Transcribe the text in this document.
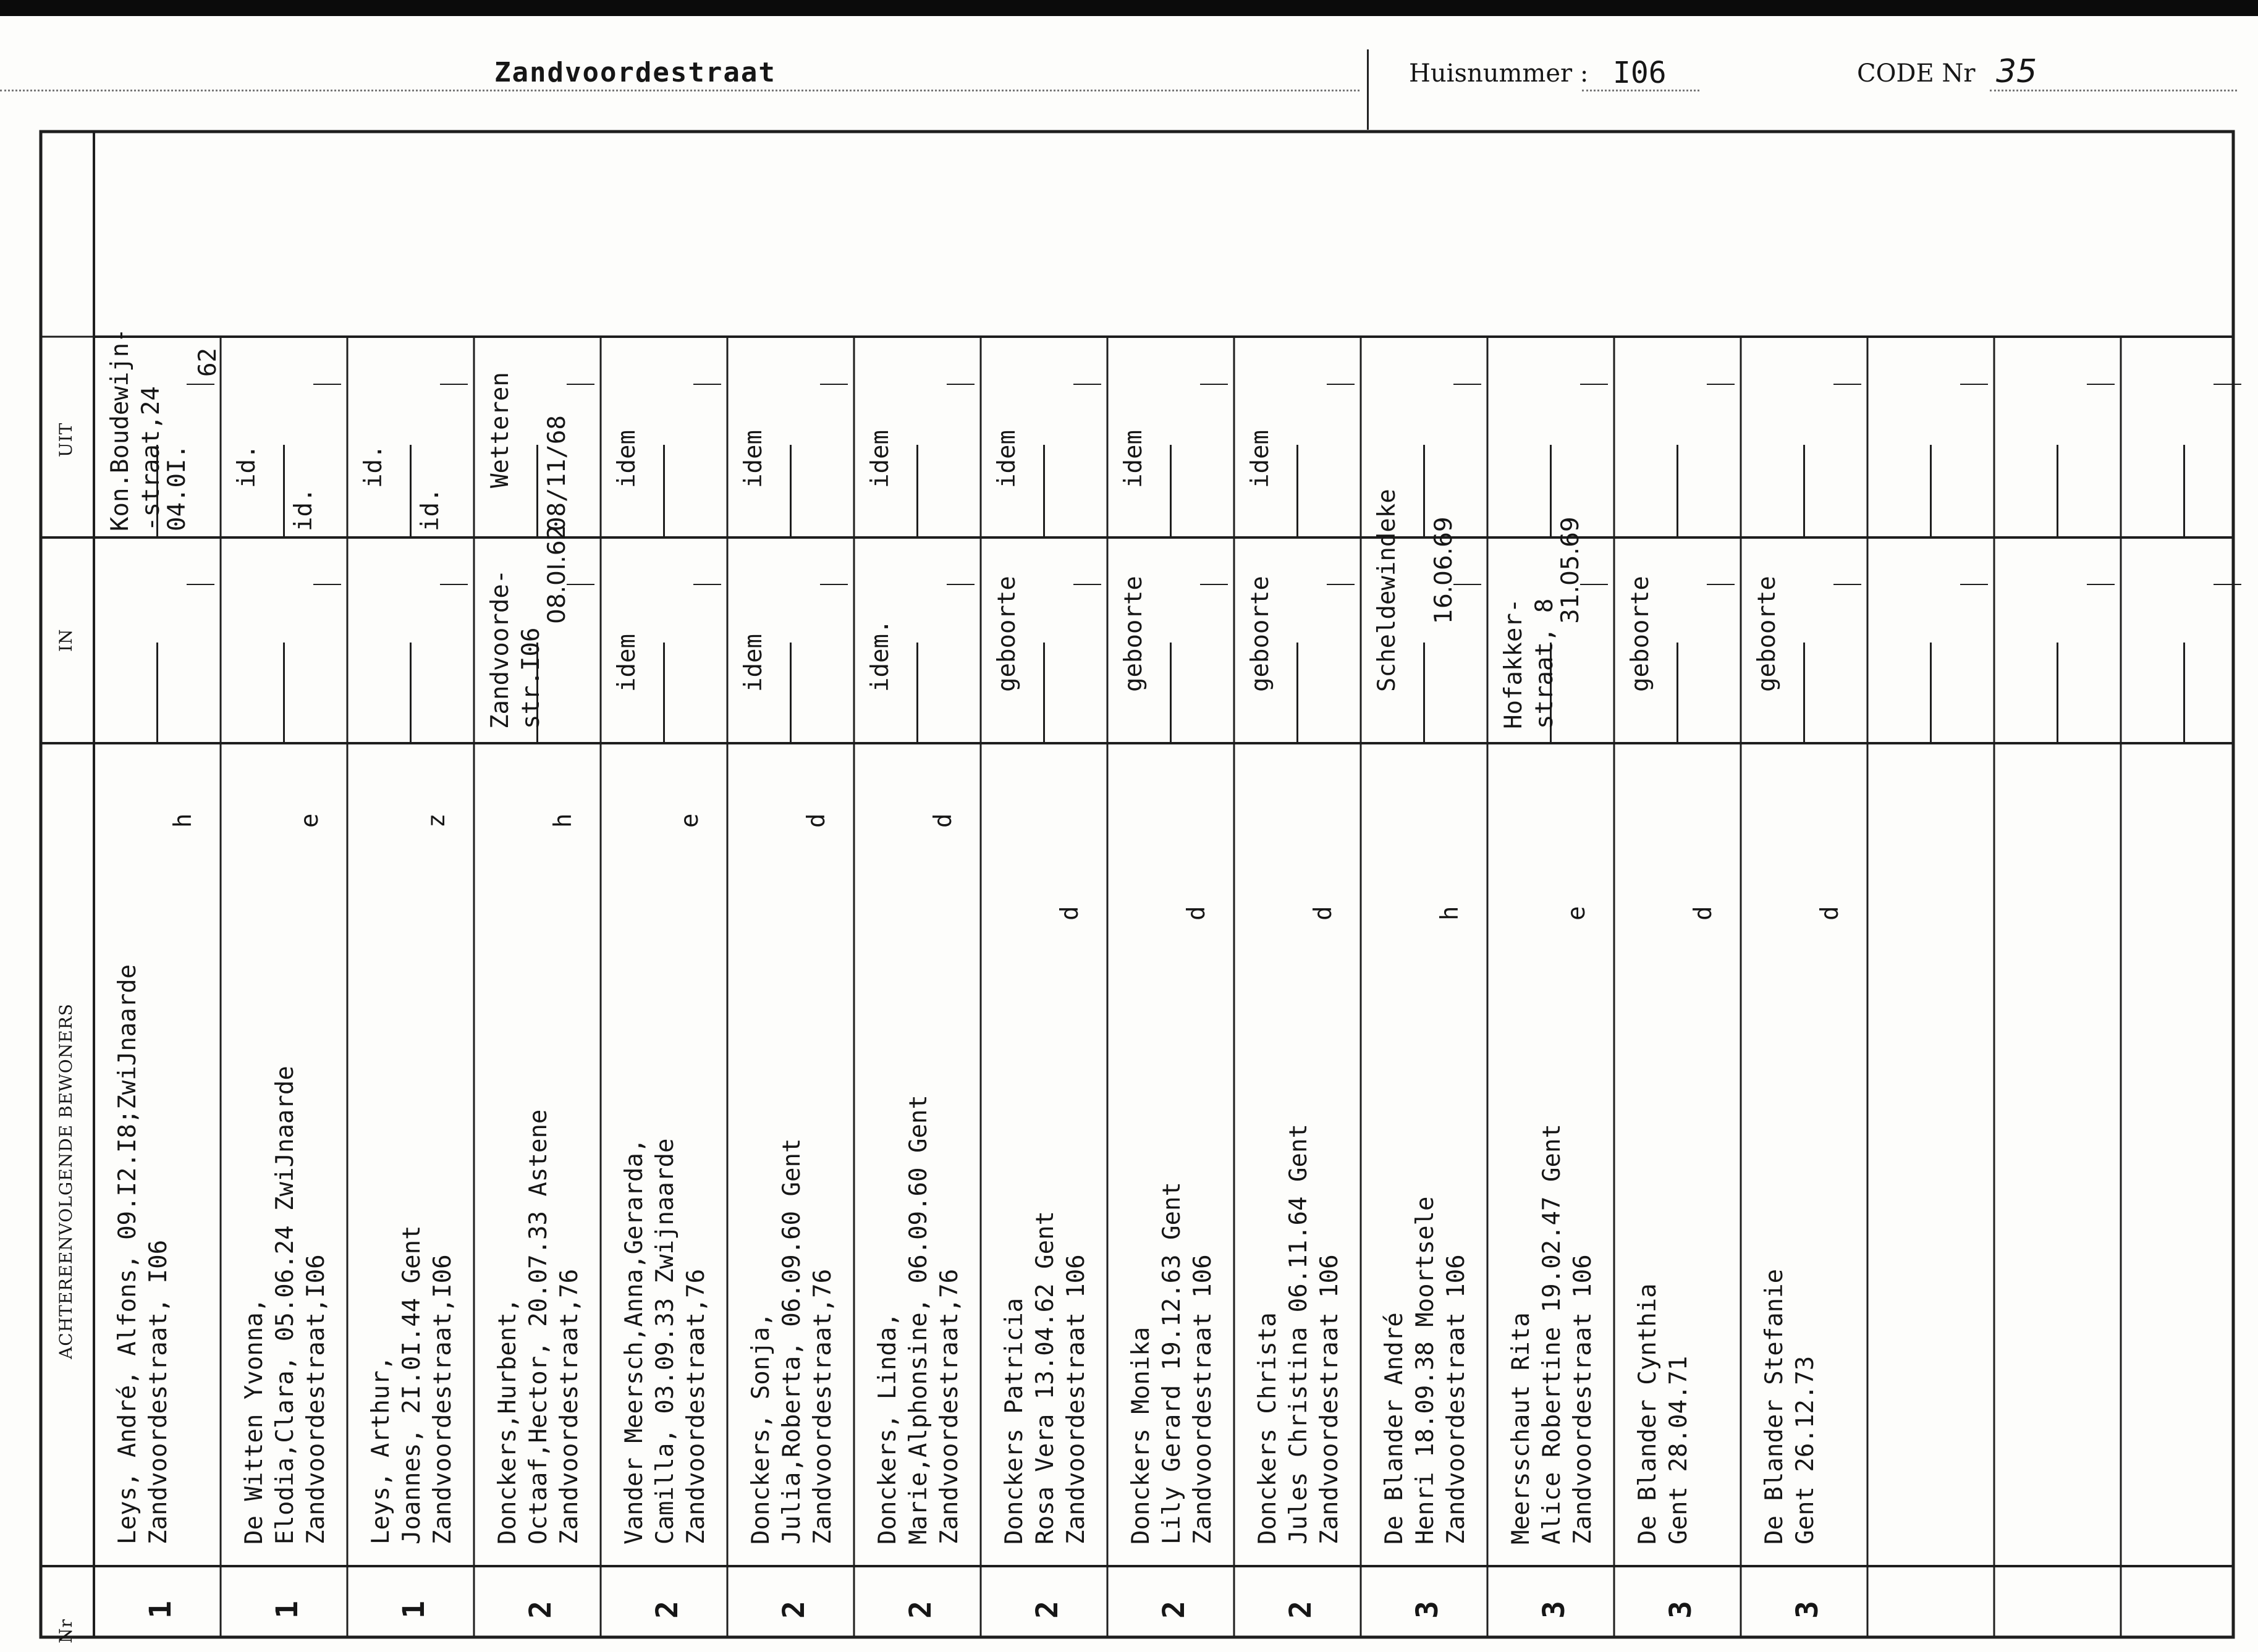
Zandvoordestraat	Huisnummer : I06	CODE Nr 35
Nr
ACHTEREENVOLGENDE BEWONERS
IN
UIT
1
Leys, André, Alfons, 09.I2.I8;ZwiJnaarde Zandvoordestraat, I06
h
Kon.Boudewijn- -straat,24
04.0I.
62
1
De Witten Yvonna, Elodia,Clara, 05.06.24 ZwiJnaarde Zandvoordestraat,I06
e
id.
id.
1
Leys, Arthur, Joannes, 2I.0I.44 Gent Zandvoordestraat,I06
z
id.
id.
2
Donckers,Hurbent, Octaaf,Hector, 20.07.33 Astene Zandvoordestraat,76
h
Zandvoorde- str.I06
08.0I.62
Wetteren 08/11/68
2
Vander Meersch,Anna,Gerarda, Camilla, 03.09.33 Zwijnaarde Zandvoordestraat,76
e
idem
idem
2
Donckers, Sonja, Julia,Roberta, 06.09.60 Gent Zandvoordestraat,76
d
idem
idem
2
Donckers, Linda, Marie,Alphonsine, 06.09.60 Gent Zandvoordestraat,76
d
idem.
idem
2
Donckers Patricia Rosa Vera 13.04.62 Gent Zandvoordestraat 106
d
geboorte
idem
2
Donckers Monika Lily Gerard 19.12.63 Gent Zandvoordestraat 106
d
geboorte
idem
2
Donckers Christa Jules Christina 06.11.64 Gent Zandvoordestraat 106
d
geboorte
idem
3
De Blander André Henri 18.09.38 Moortsele Zandvoordestraat 106
h
Scheldewindeke 16.06.69
3
Meersschaut Rita Alice Robertine 19.02.47 Gent Zandvoordestraat 106
e
Hofakker- straat, 8
31.05.69
3
De Blander Cynthia Gent 28.04.71
d
geboorte
3
De Blander Stefanie Gent 26.12.73
d
geboorte
